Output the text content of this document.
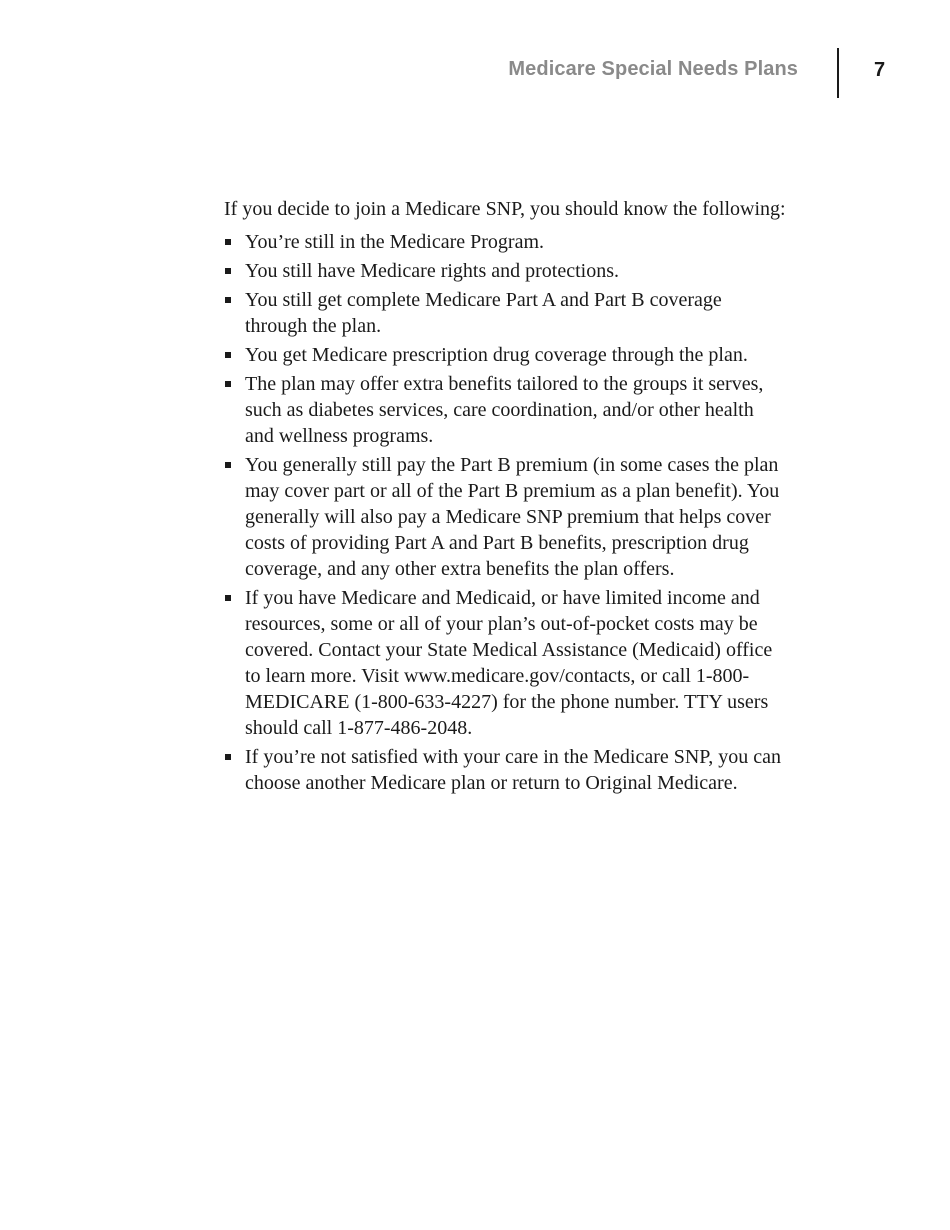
Medicare Special Needs Plans	7

If you decide to join a Medicare SNP, you should know the following:

You’re still in the Medicare Program.
You still have Medicare rights and protections.
You still get complete Medicare Part A and Part B coverage through the plan.
You get Medicare prescription drug coverage through the plan.
The plan may offer extra benefits tailored to the groups it serves, such as diabetes services, care coordination, and/or other health and wellness programs.
You generally still pay the Part B premium (in some cases the plan may cover part or all of the Part B premium as a plan benefit). You generally will also pay a Medicare SNP premium that helps cover costs of providing Part A and Part B benefits, prescription drug coverage, and any other extra benefits the plan offers.
If you have Medicare and Medicaid, or have limited income and resources, some or all of your plan’s out-of-pocket costs may be covered. Contact your State Medical Assistance (Medicaid) office to learn more. Visit www.medicare.gov/contacts, or call 1-800-MEDICARE (1-800-633-4227) for the phone number. TTY users should call 1-877-486-2048.
If you’re not satisfied with your care in the Medicare SNP, you can choose another Medicare plan or return to Original Medicare.
